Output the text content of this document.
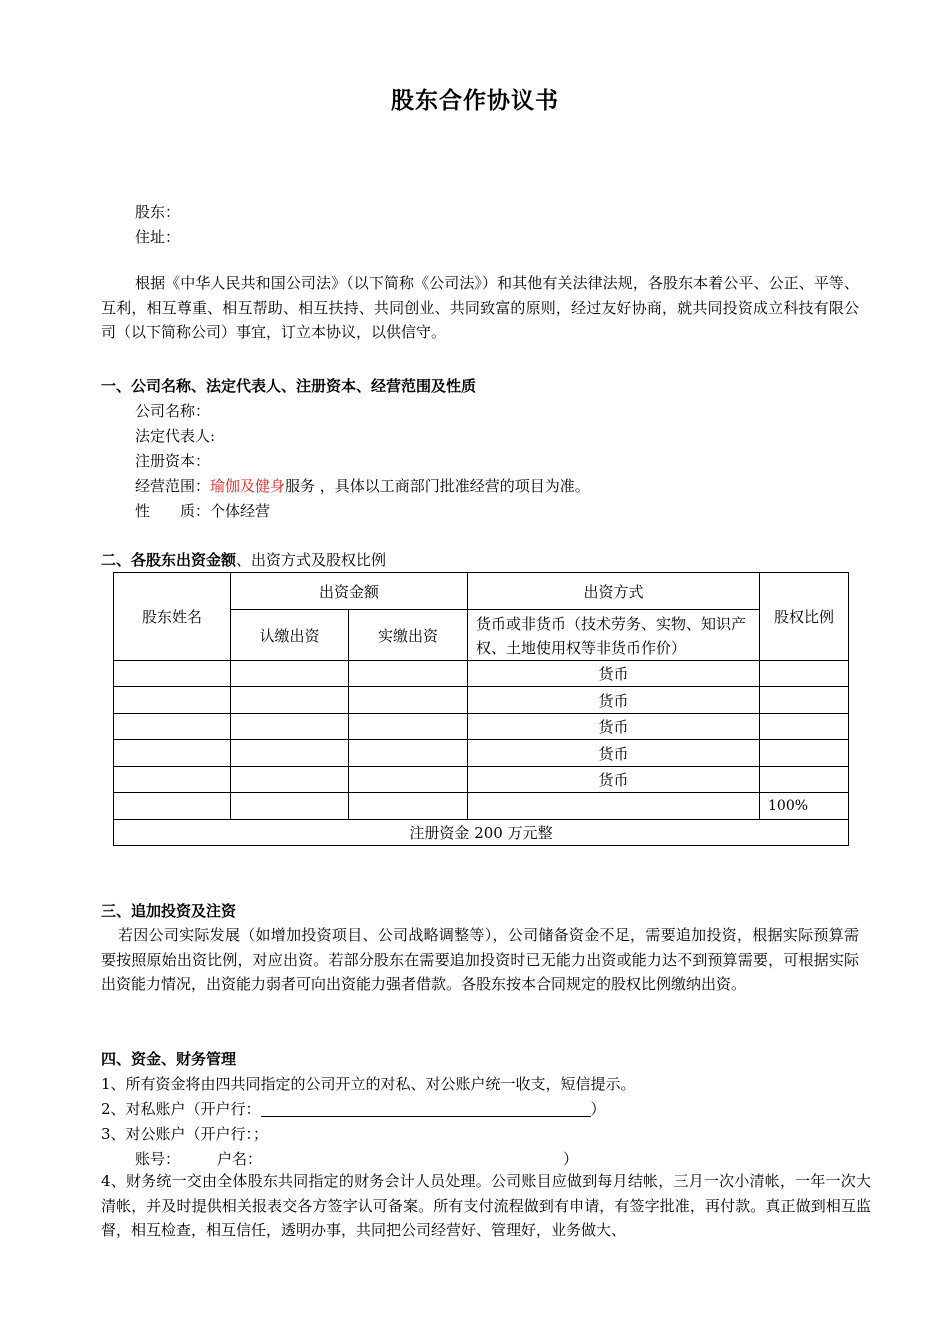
股东合作协议书
股东：
住址：
根据《中华人民共和国公司法》（以下简称《公司法》）和其他有关法律法规，各股东本着公平、公正、平等、互利，相互尊重、相互帮助、相互扶持、共同创业、共同致富的原则，经过友好协商，就共同投资成立科技有限公司（以下简称公司）事宜，订立本协议，以供信守。
一、公司名称、法定代表人、注册资本、经营范围及性质
公司名称：
法定代表人:
注册资本：
经营范围：瑜伽及健身服务 ，具体以工商部门批准经营的项目为准。
性　　质：个体经营
二、各股东出资金额、出资方式及股权比例
股东姓名	出资金额		出资方式	股权比例
	认缴出资	实缴出资	货币或非货币（技术劳务、实物、知识产权、土地使用权等非货币作价）	
			货币	
			货币	
			货币	
			货币	
			货币	
				100%
注册资金 200 万元整				
三、追加投资及注资
若因公司实际发展（如增加投资项目、公司战略调整等），公司储备资金不足，需要追加投资，根据实际预算需要按照原始出资比例，对应出资。若部分股东在需要追加投资时已无能力出资或能力达不到预算需要，可根据实际出资能力情况，出资能力弱者可向出资能力强者借款。各股东按本合同规定的股权比例缴纳出资。
四、资金、财务管理
1、所有资金将由四共同指定的公司开立的对私、对公账户统一收支，短信提示。
2、对私账户（开户行：	）
3、对公账户（开户行：；
账号： 户名：	）
4、财务统一交由全体股东共同指定的财务会计人员处理。公司账目应做到每月结帐，三月一次小清帐，一年一次大清帐，并及时提供相关报表交各方签字认可备案。所有支付流程做到有申请，有签字批准，再付款。真正做到相互监督，相互检查，相互信任，透明办事，共同把公司经营好、管理好，业务做大、
